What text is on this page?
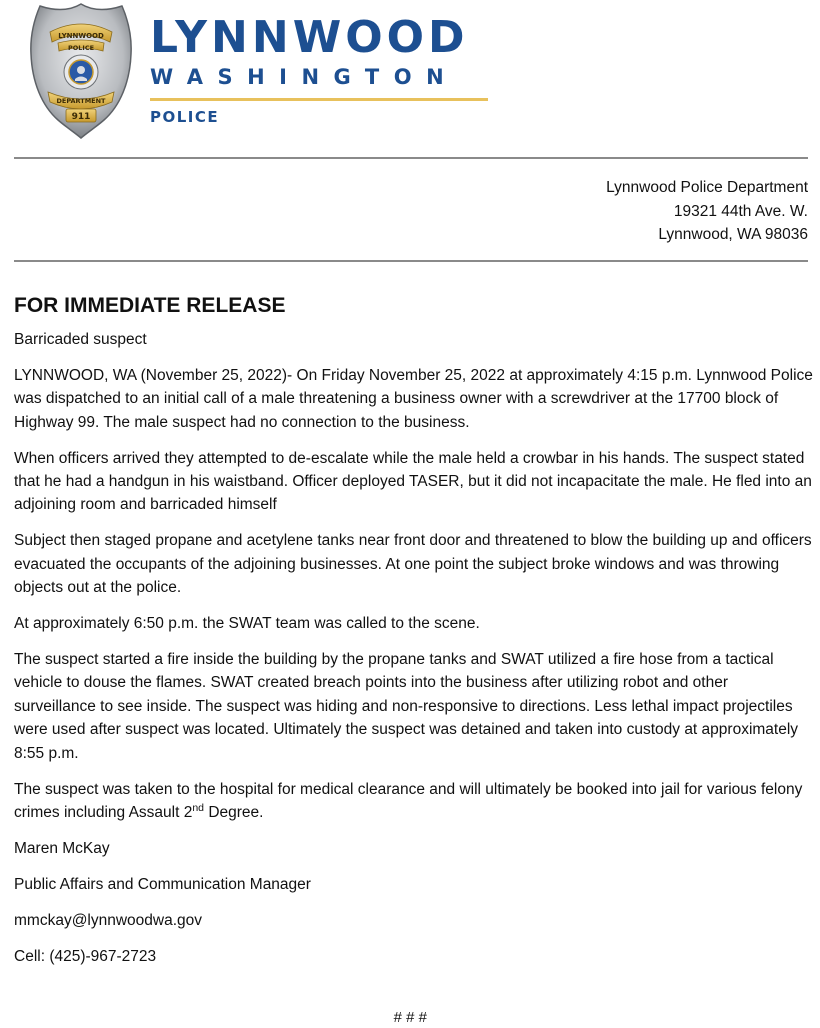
LYNNWOOD
POLICE
DEPARTMENT
911
LYNNWOOD
WASHINGTON
POLICE
Lynnwood Police Department
19321 44th Ave. W.
Lynnwood, WA 98036
FOR IMMEDIATE RELEASE

Barricaded suspect

LYNNWOOD, WA (November 25, 2022)- On Friday November 25, 2022 at approximately 4:15 p.m. Lynnwood Police was dispatched to an initial call of a male threatening a business owner with a screwdriver at the 17700 block of Highway 99. The male suspect had no connection to the business.

When officers arrived they attempted to de-escalate while the male held a crowbar in his hands. The suspect stated that he had a handgun in his waistband. Officer deployed TASER, but it did not incapacitate the male. He fled into an adjoining room and barricaded himself

Subject then staged propane and acetylene tanks near front door and threatened to blow the building up and officers evacuated the occupants of the adjoining businesses. At one point the subject broke windows and was throwing objects out at the police.

At approximately 6:50 p.m. the SWAT team was called to the scene.

The suspect started a fire inside the building by the propane tanks and SWAT utilized a fire hose from a tactical vehicle to douse the flames. SWAT created breach points into the business after utilizing robot and other surveillance to see inside. The suspect was hiding and non-responsive to directions. Less lethal impact projectiles were used after suspect was located. Ultimately the suspect was detained and taken into custody at approximately 8:55 p.m.

The suspect was taken to the hospital for medical clearance and will ultimately be booked into jail for various felony crimes including Assault 2nd Degree.

Maren McKay

Public Affairs and Communication Manager

mmckay@lynnwoodwa.gov

Cell: (425)-967-2723

# # #
